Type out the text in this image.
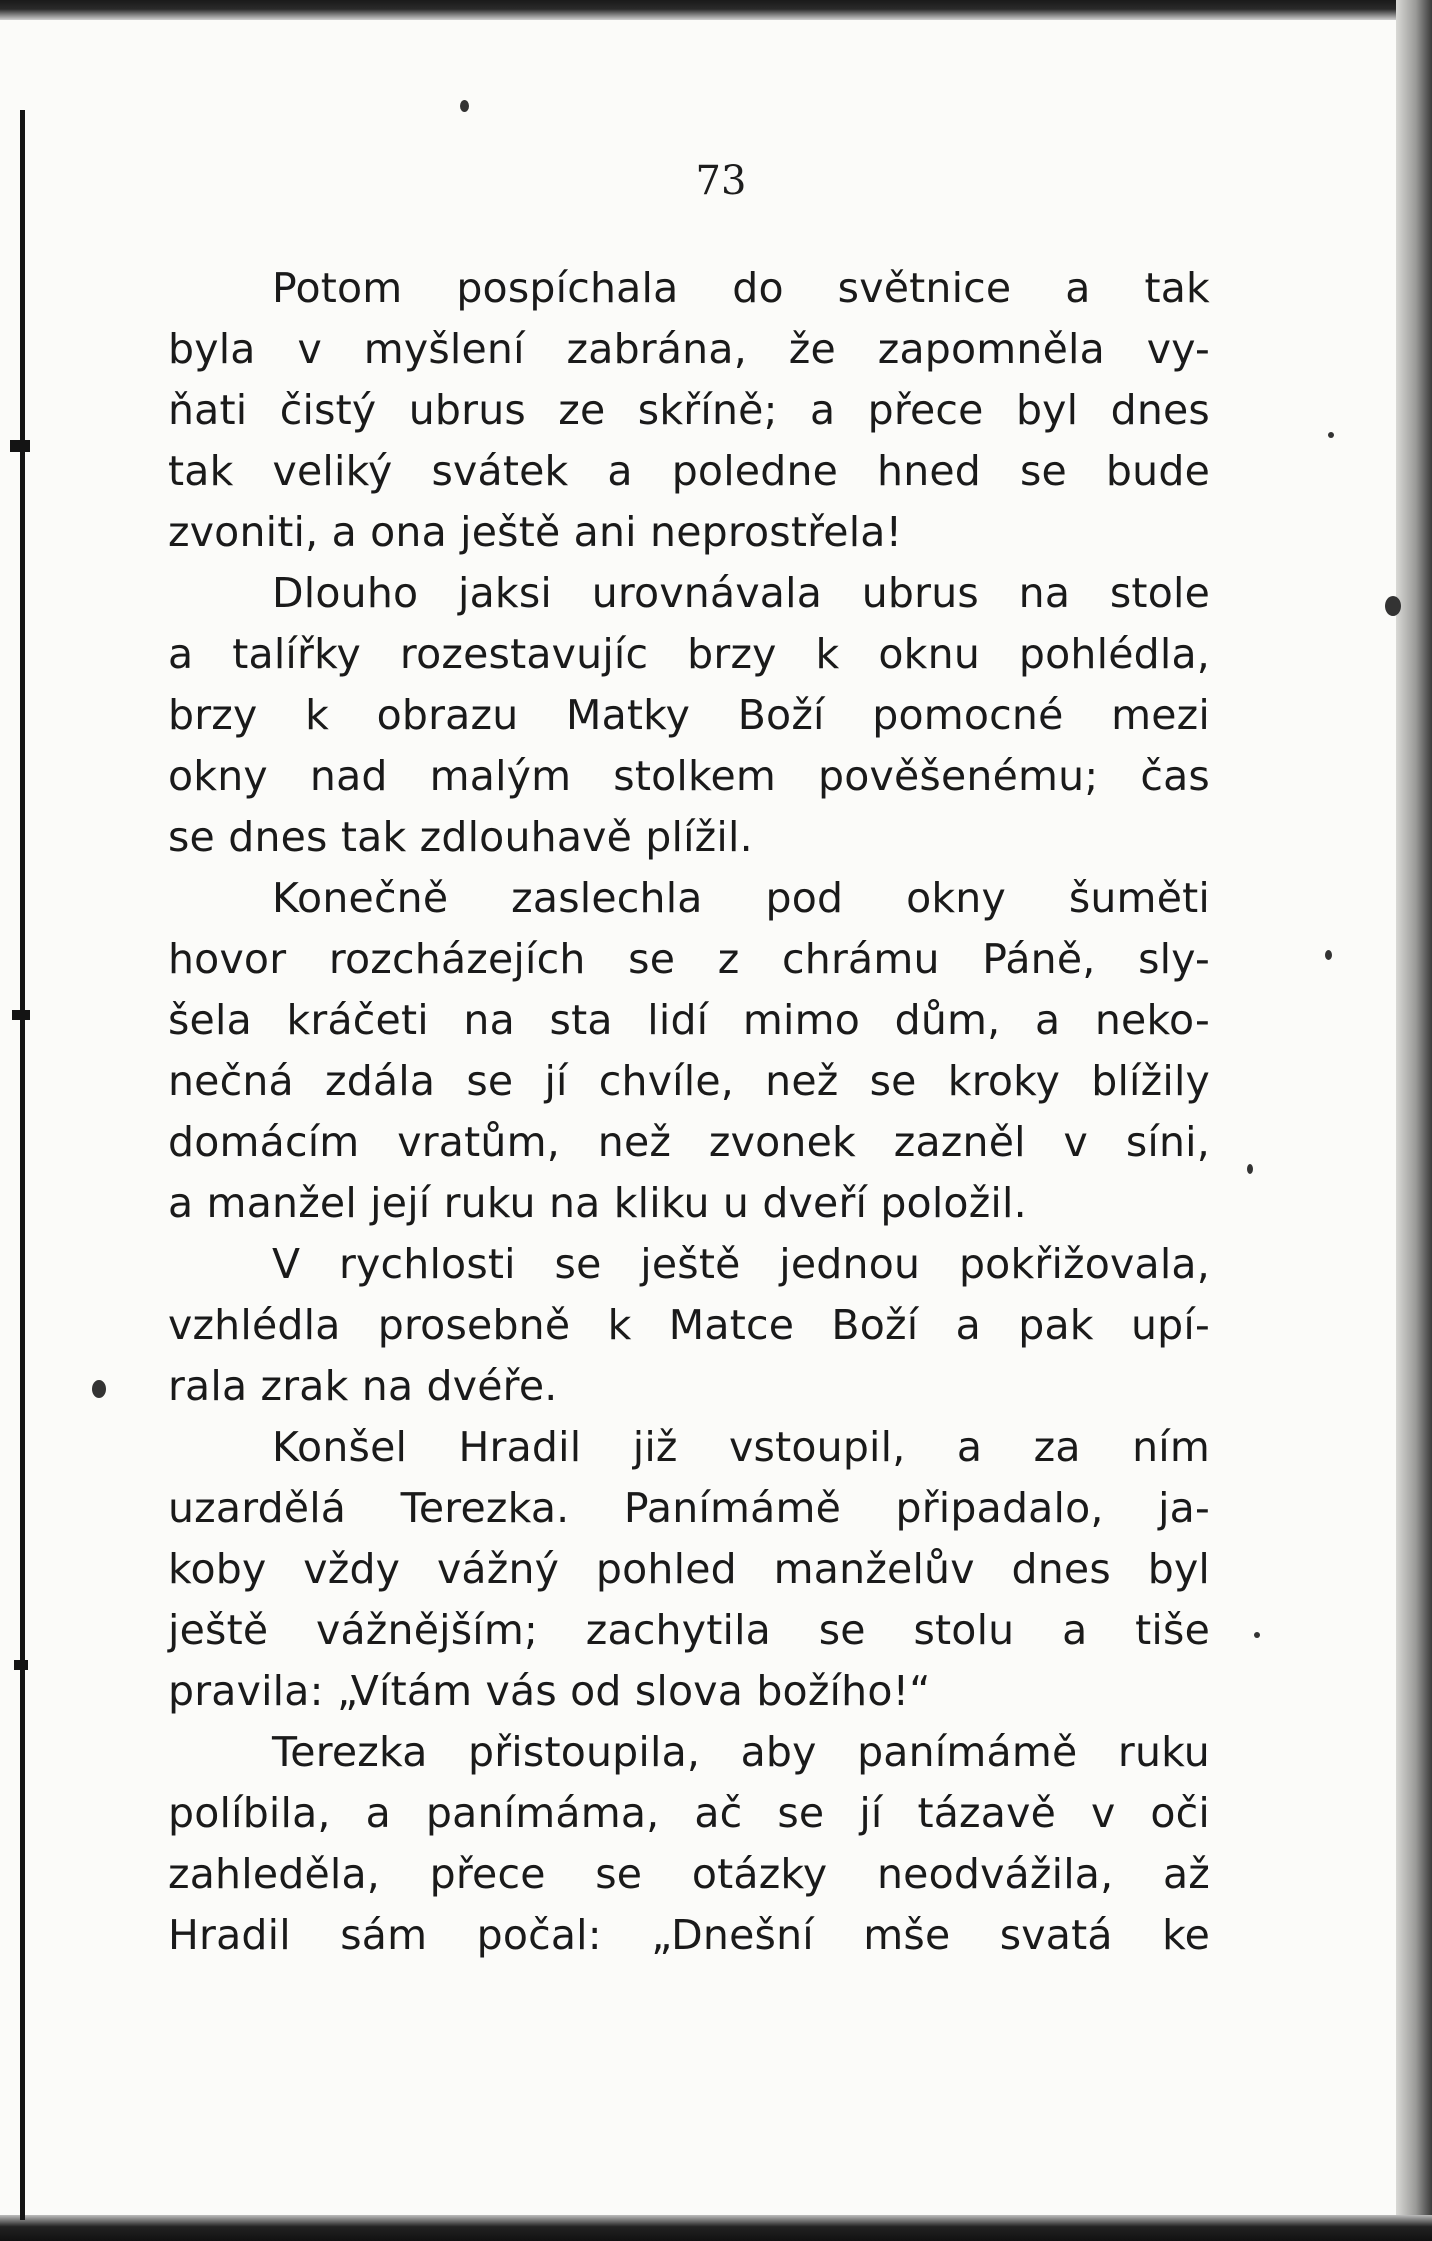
73
Potom pospíchala do světnice a tak
byla v myšlení zabrána, že zapomněla vy-
ňati čistý ubrus ze skříně; a přece byl dnes
tak veliký svátek a poledne hned se bude
zvoniti, a ona ještě ani neprostřela!
Dlouho jaksi urovnávala ubrus na stole
a talířky rozestavujíc brzy k oknu pohlédla,
brzy k obrazu Matky Boží pomocné mezi
okny nad malým stolkem pověšenému; čas
se dnes tak zdlouhavě plížil.
Konečně zaslechla pod okny šuměti
hovor rozcházejích se z chrámu Páně, sly-
šela kráčeti na sta lidí mimo dům, a neko-
nečná zdála se jí chvíle, než se kroky blížily
domácím vratům, než zvonek zazněl v síni,
a manžel její ruku na kliku u dveří položil.
V rychlosti se ještě jednou pokřižovala,
vzhlédla prosebně k Matce Boží a pak upí-
rala zrak na dvéře.
Konšel Hradil již vstoupil, a za ním
uzardělá Terezka. Panímámě připadalo, ja-
koby vždy vážný pohled manželův dnes byl
ještě vážnějším; zachytila se stolu a tiše
pravila: „Vítám vás od slova božího!“
Terezka přistoupila, aby panímámě ruku
políbila, a panímáma, ač se jí tázavě v oči
zahleděla, přece se otázky neodvážila, až
Hradil sám počal: „Dnešní mše svatá ke
